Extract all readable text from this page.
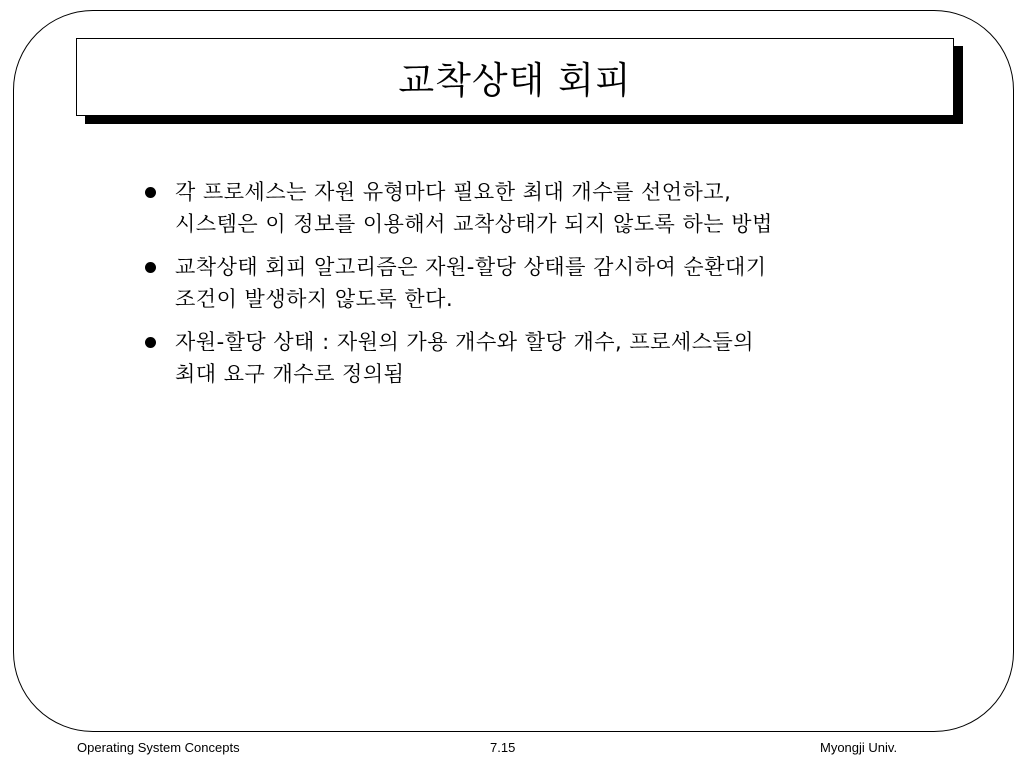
교착상태 회피
각 프로세스는 자원 유형마다 필요한 최대 개수를 선언하고,
시스템은 이 정보를 이용해서 교착상태가 되지 않도록 하는 방법
교착상태 회피 알고리즘은 자원-할당 상태를 감시하여 순환대기
조건이 발생하지 않도록 한다.
자원-할당 상태 : 자원의 가용 개수와 할당 개수, 프로세스들의
최대 요구 개수로 정의됨
Operating System Concepts	7.15	Myongji Univ.
